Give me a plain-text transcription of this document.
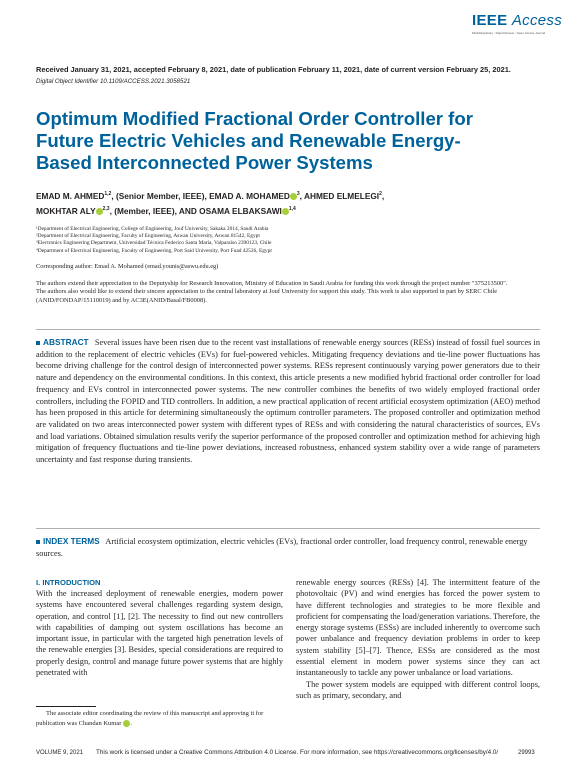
IEEE Access
Multidisciplinary : Rapid Review : Open Access Journal
Received January 31, 2021, accepted February 8, 2021, date of publication February 11, 2021, date of current version February 25, 2021.
Digital Object Identifier 10.1109/ACCESS.2021.3058521
Optimum Modified Fractional Order Controller for Future Electric Vehicles and Renewable Energy-Based Interconnected Power Systems
EMAD M. AHMED$^{1,2}$, (Senior Member, IEEE), EMAD A. MOHAMED $^3$, AHMED ELMELEGI$^2$,
MOKHTAR ALY $^{2,3}$, (Member, IEEE), AND OSAMA ELBAKSAWI $^{1,4}$
¹Department of Electrical Engineering, College of Engineering, Jouf University, Sakaka 2014, Saudi Arabia
²Department of Electrical Engineering, Faculty of Engineering, Aswan University, Aswan 81542, Egypt
³Electronics Engineering Department, Universidad Técnica Federico Santa María, Valparaíso 2390123, Chile
⁴Department of Electrical Engineering, Faculty of Engineering, Port Said University, Port Fuad 42526, Egypt
Corresponding author: Emad A. Mohamed (emad.younis@aswu.edu.eg)
The authors extend their appreciation to the Deputyship for Research Innovation, Ministry of Education in Saudi Arabia for funding this work through the project number "375213500". The authors also would like to extend their sincere appreciation to the central laboratory at Jouf University for support this study. This work is also supported in part by SERC Chile (ANID/FONDAP/15110019) and by AC3E(ANID/Basal/FB0008).
ABSTRACT Several issues have been risen due to the recent vast installations of renewable energy sources (RESs) instead of fossil fuel sources in addition to the replacement of electric vehicles (EVs) for fuel-powered vehicles. Mitigating frequency deviations and tie-line power fluctuations has become driving challenge for the control design of interconnected power systems. RESs represent continuously varying power generators due to their nature and dependency on the environmental conditions. In this context, this article presents a new modified hybrid fractional order controller for load frequency and EVs control in interconnected power systems. The new controller combines the benefits of two widely employed fractional order controllers, including the FOPID and TID controllers. In addition, a new practical application of recent artificial ecosystem optimization (AEO) method has been proposed in this article for determining simultaneously the optimum controller parameters. The proposed controller and optimization method are validated on two areas interconnected power system with different types of RESs and with considering the natural characteristics of sources, EVs and load variations. Obtained simulation results verify the superior performance of the proposed controller and optimization method for achieving high mitigation of frequency fluctuations and tie-line power deviations, increased robustness, enhanced system stability over a wide range of parameters uncertainty and fast response during transients.
INDEX TERMS Artificial ecosystem optimization, electric vehicles (EVs), fractional order controller, load frequency control, renewable energy sources.
I. INTRODUCTION

With the increased deployment of renewable energies, modern power systems have encountered several challenges regarding system design, operation, and control [1], [2]. The necessity to find out new controllers with capabilities of damping out system oscillations has become an important issue, in particular with the targeted high penetration levels of the renewable energies [3]. Besides, special considerations are required to properly design, control and manage future power systems that are highly penetrated with

renewable energy sources (RESs) [4]. The intermittent feature of the photovoltaic (PV) and wind energies has forced the power system to have different technologies and strategies to be more flexible and proficient for compensating the load/generation variations. Therefore, the energy storage systems (ESSs) are included inherently to overcome such power unbalance and frequency deviation problems in order to keep system stability [5]–[7]. Thence, ESSs are considered as the most essential element in modern power systems since they can act instantaneously to tackle any power unbalance or load variations.

The power system models are equipped with different control loops, such as primary, secondary, and

The associate editor coordinating the review of this manuscript and approving it for publication was Chandan Kumar .
VOLUME 9, 2021 This work is licensed under a Creative Commons Attribution 4.0 License. For more information, see https://creativecommons.org/licenses/by/4.0/	29993
